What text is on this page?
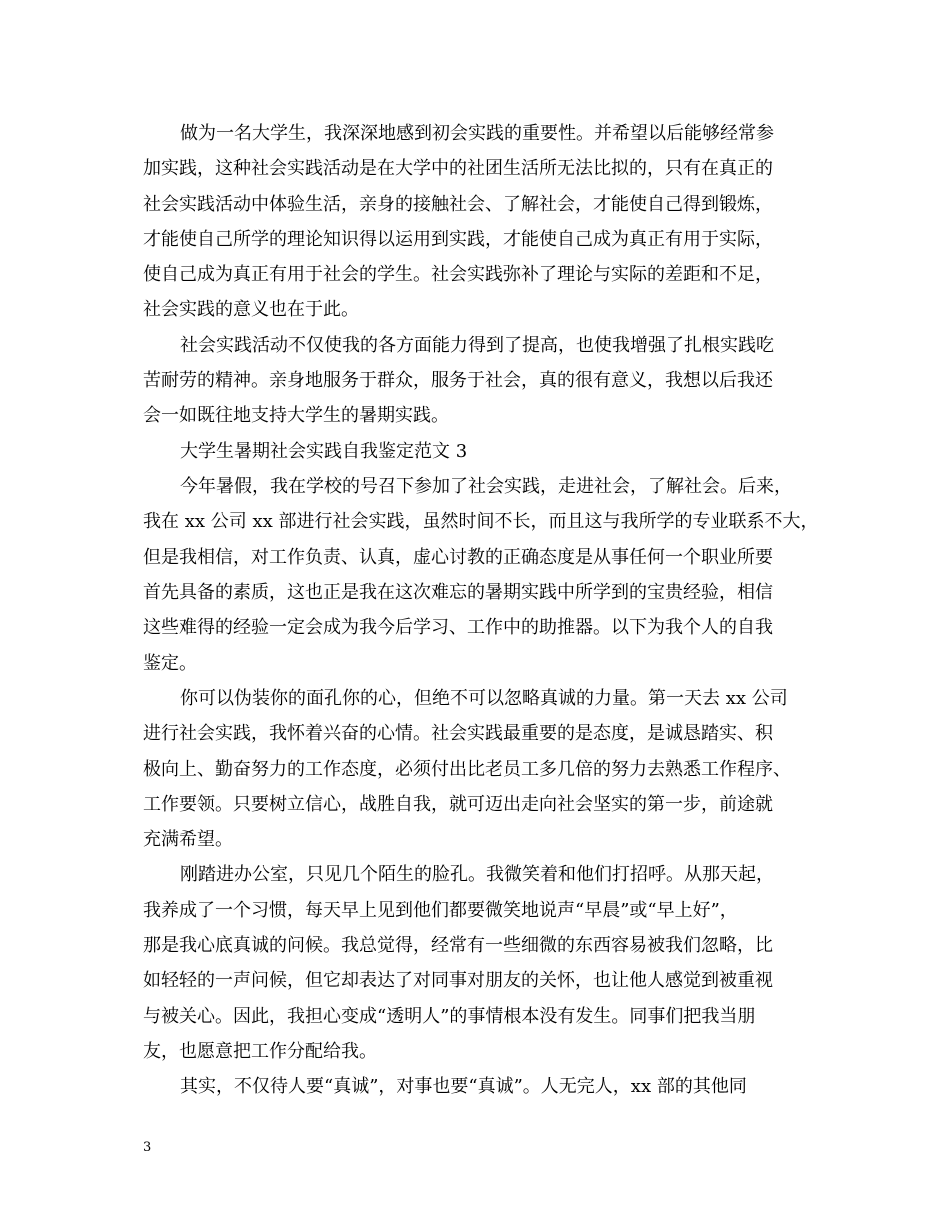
做为一名大学生，我深深地感到初会实践的重要性。并希望以后能够经常参
加实践，这种社会实践活动是在大学中的社团生活所无法比拟的，只有在真正的
社会实践活动中体验生活，亲身的接触社会、了解社会，才能使自己得到锻炼，
才能使自己所学的理论知识得以运用到实践，才能使自己成为真正有用于实际，
使自己成为真正有用于社会的学生。社会实践弥补了理论与实际的差距和不足，
社会实践的意义也在于此。
社会实践活动不仅使我的各方面能力得到了提高，也使我增强了扎根实践吃
苦耐劳的精神。亲身地服务于群众，服务于社会，真的很有意义，我想以后我还
会一如既往地支持大学生的暑期实践。
大学生暑期社会实践自我鉴定范文 3
今年暑假，我在学校的号召下参加了社会实践，走进社会，了解社会。后来，
我在 xx 公司 xx 部进行社会实践，虽然时间不长，而且这与我所学的专业联系不大，
但是我相信，对工作负责、认真，虚心讨教的正确态度是从事任何一个职业所要
首先具备的素质，这也正是我在这次难忘的暑期实践中所学到的宝贵经验，相信
这些难得的经验一定会成为我今后学习、工作中的助推器。以下为我个人的自我
鉴定。
你可以伪装你的面孔你的心，但绝不可以忽略真诚的力量。第一天去 xx 公司
进行社会实践，我怀着兴奋的心情。社会实践最重要的是态度，是诚恳踏实、积
极向上、勤奋努力的工作态度，必须付出比老员工多几倍的努力去熟悉工作程序、
工作要领。只要树立信心，战胜自我，就可迈出走向社会坚实的第一步，前途就
充满希望。
刚踏进办公室，只见几个陌生的脸孔。我微笑着和他们打招呼。从那天起，
我养成了一个习惯，每天早上见到他们都要微笑地说声“早晨”或“早上好”，
那是我心底真诚的问候。我总觉得，经常有一些细微的东西容易被我们忽略，比
如轻轻的一声问候，但它却表达了对同事对朋友的关怀，也让他人感觉到被重视
与被关心。因此，我担心变成“透明人”的事情根本没有发生。同事们把我当朋
友，也愿意把工作分配给我。
其实，不仅待人要“真诚”，对事也要“真诚”。人无完人，xx 部的其他同
3
